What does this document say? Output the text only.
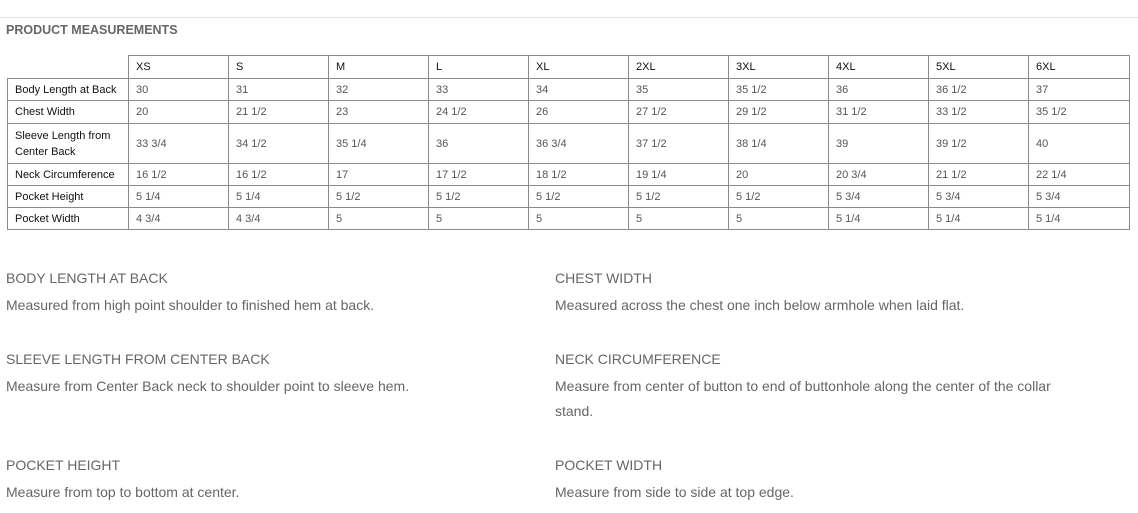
PRODUCT MEASUREMENTS
	XS	S	M	L	XL	2XL	3XL	4XL	5XL	6XL
Body Length at Back	30	31	32	33	34	35	35 1/2	36	36 1/2	37
Chest Width	20	21 1/2	23	24 1/2	26	27 1/2	29 1/2	31 1/2	33 1/2	35 1/2
Sleeve Length from Center Back	33 3/4	34 1/2	35 1/4	36	36 3/4	37 1/2	38 1/4	39	39 1/2	40
Neck Circumference	16 1/2	16 1/2	17	17 1/2	18 1/2	19 1/4	20	20 3/4	21 1/2	22 1/4
Pocket Height	5 1/4	5 1/4	5 1/2	5 1/2	5 1/2	5 1/2	5 1/2	5 3/4	5 3/4	5 3/4
Pocket Width	4 3/4	4 3/4	5	5	5	5	5	5 1/4	5 1/4	5 1/4
BODY LENGTH AT BACK
Measured from high point shoulder to finished hem at back.
CHEST WIDTH
Measured across the chest one inch below armhole when laid flat.
SLEEVE LENGTH FROM CENTER BACK
Measure from Center Back neck to shoulder point to sleeve hem.
NECK CIRCUMFERENCE
Measure from center of button to end of buttonhole along the center of the collar stand.
POCKET HEIGHT
Measure from top to bottom at center.
POCKET WIDTH
Measure from side to side at top edge.
